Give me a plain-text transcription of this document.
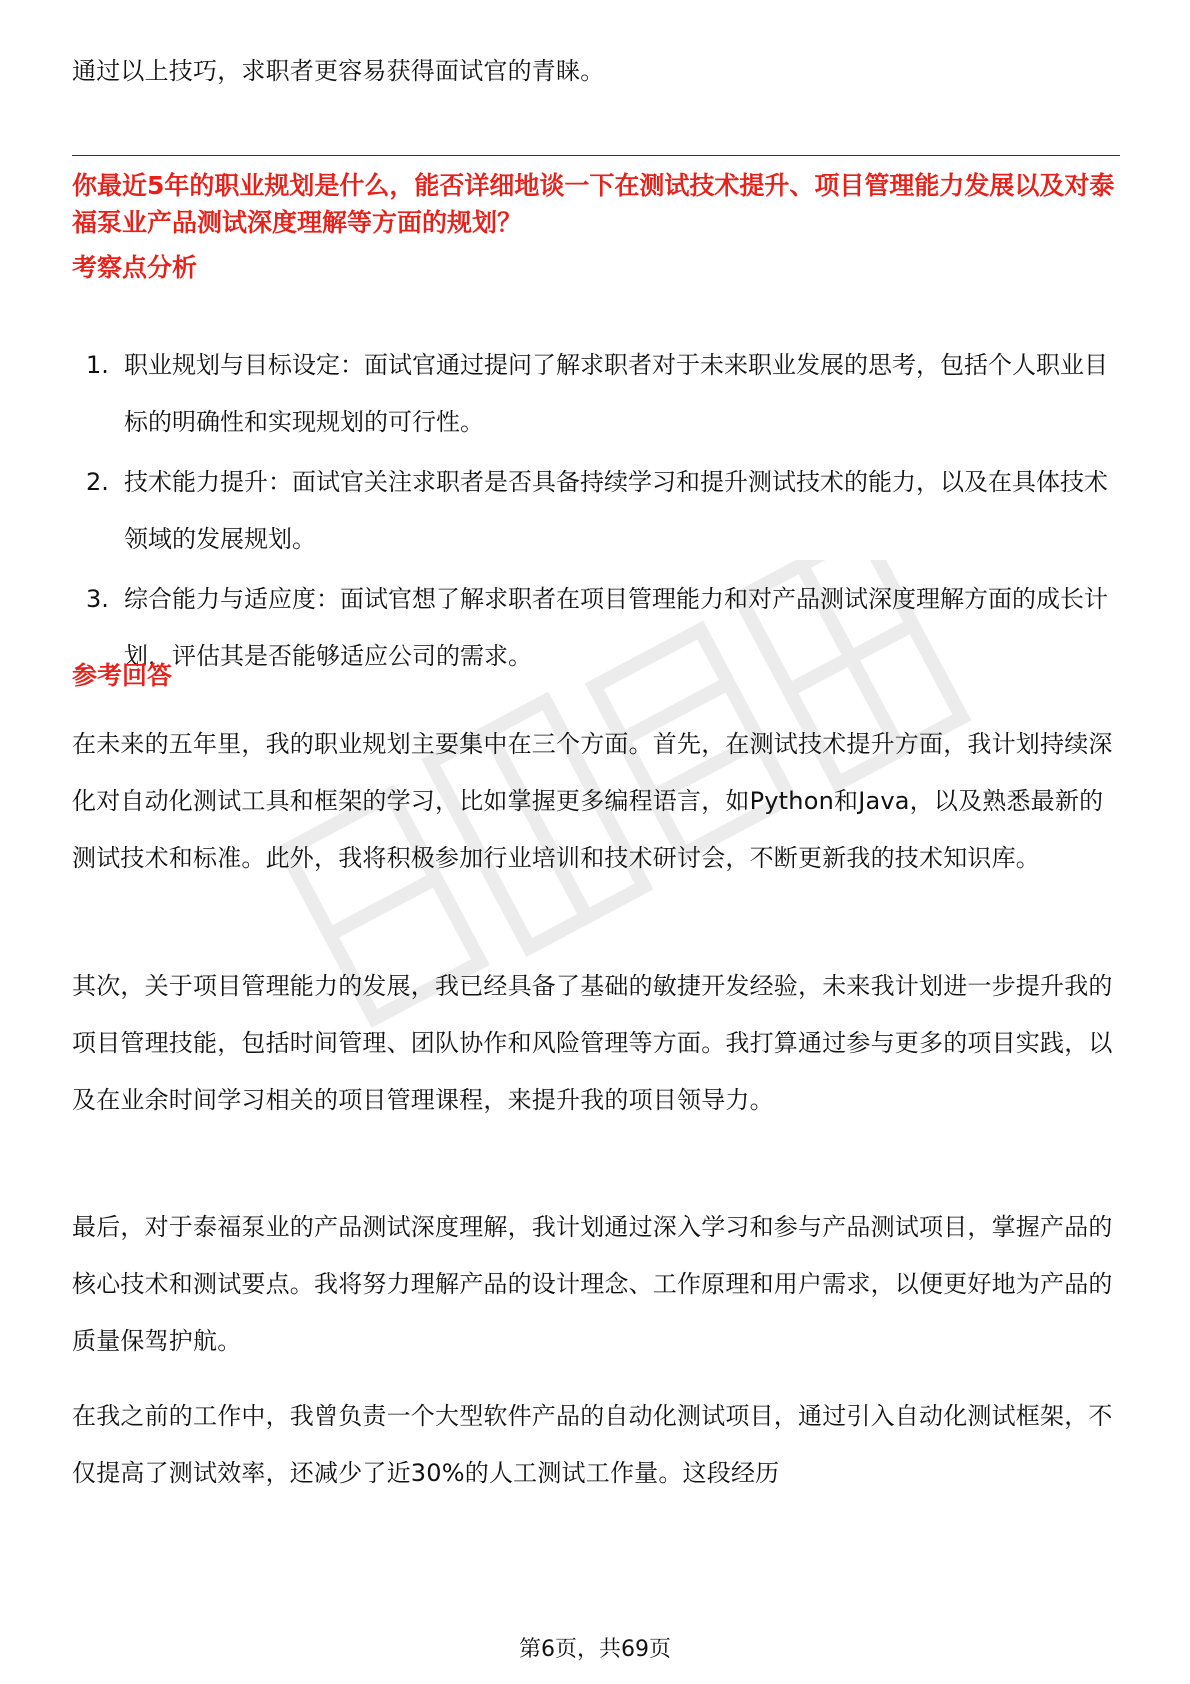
通过以上技巧，求职者更容易获得面试官的青睐。

你最近5年的职业规划是什么，能否详细地谈一下在测试技术提升、项目管理能力发展以及对泰福泵业产品测试深度理解等方面的规划？

考察点分析

1. 职业规划与目标设定：面试官通过提问了解求职者对于未来职业发展的思考，包括个人职业目标的明确性和实现规划的可行性。
2. 技术能力提升：面试官关注求职者是否具备持续学习和提升测试技术的能力，以及在具体技术领域的发展规划。
3. 综合能力与适应度：面试官想了解求职者在项目管理能力和对产品测试深度理解方面的成长计划，评估其是否能够适应公司的需求。

参考回答

在未来的五年里，我的职业规划主要集中在三个方面。首先，在测试技术提升方面，我计划持续深化对自动化测试工具和框架的学习，比如掌握更多编程语言，如Python和Java，以及熟悉最新的测试技术和标准。此外，我将积极参加行业培训和技术研讨会，不断更新我的技术知识库。

其次，关于项目管理能力的发展，我已经具备了基础的敏捷开发经验，未来我计划进一步提升我的项目管理技能，包括时间管理、团队协作和风险管理等方面。我打算通过参与更多的项目实践，以及在业余时间学习相关的项目管理课程，来提升我的项目领导力。

最后，对于泰福泵业的产品测试深度理解，我计划通过深入学习和参与产品测试项目，掌握产品的核心技术和测试要点。我将努力理解产品的设计理念、工作原理和用户需求，以便更好地为产品的质量保驾护航。

在我之前的工作中，我曾负责一个大型软件产品的自动化测试项目，通过引入自动化测试框架，不仅提高了测试效率，还减少了近30%的人工测试工作量。这段经历

第6页，共69页
